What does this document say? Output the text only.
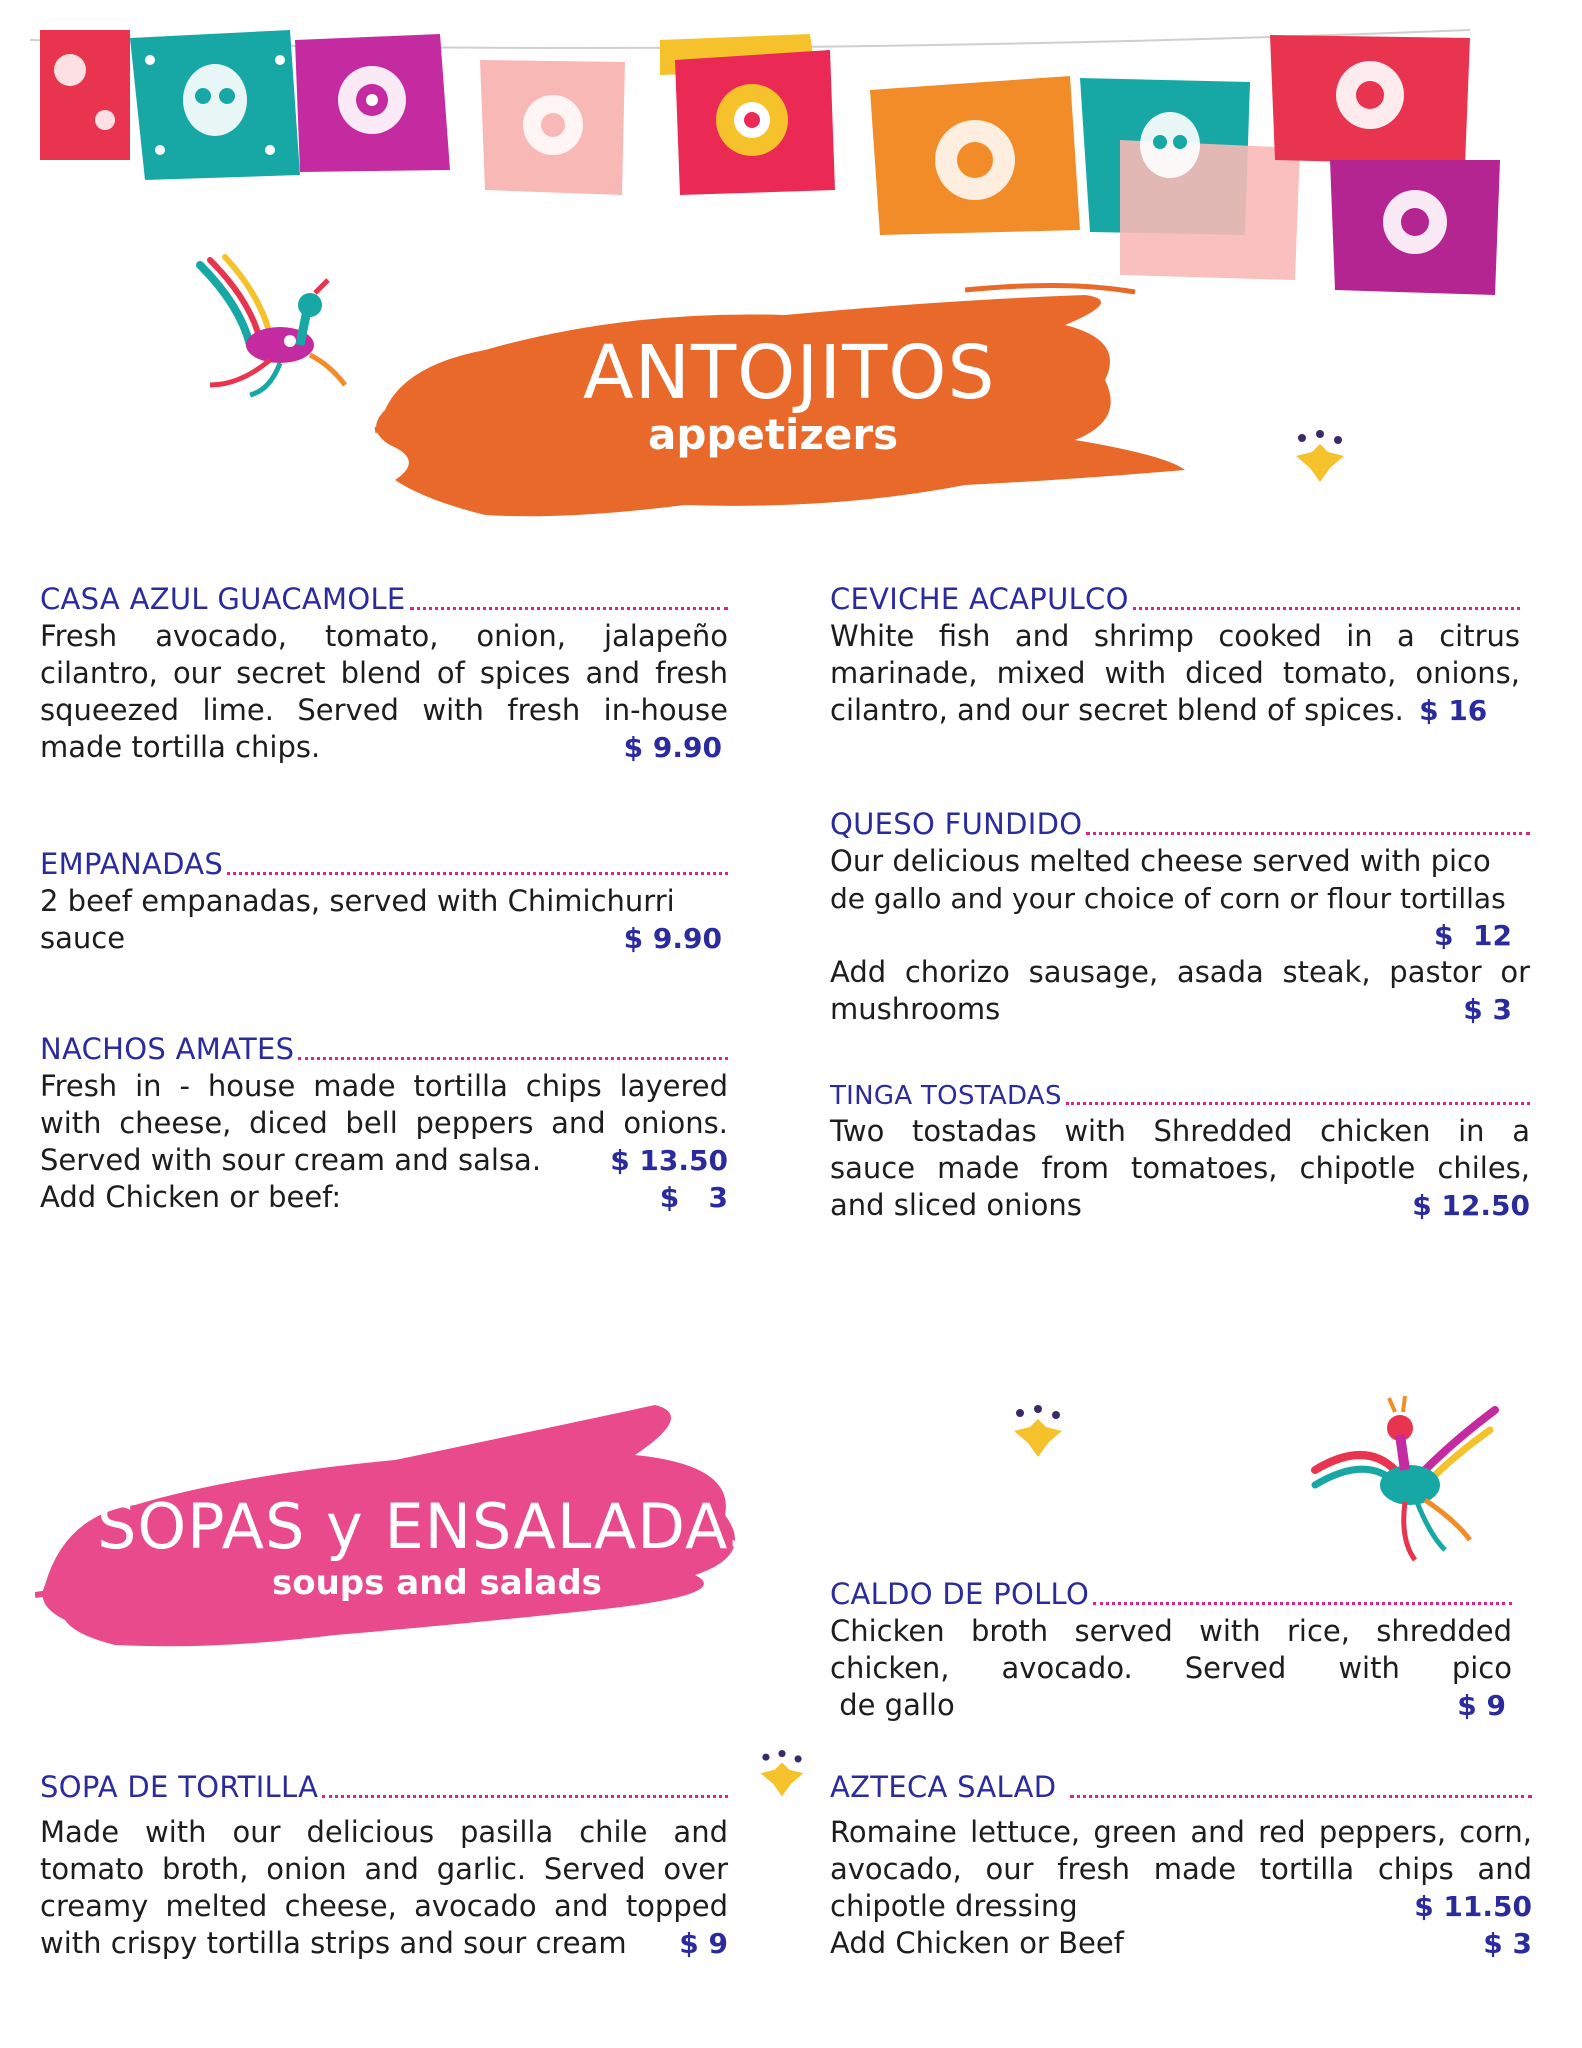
ANTOJITOS
appetizers
SOPAS y ENSALADAS
soups and salads
CASA AZUL GUACAMOLE
Fresh avocado, tomato, onion, jalapeño
cilantro, our secret blend of spices and fresh
squeezed lime. Served with fresh in-house
made tortilla chips.	$ 9.90
EMPANADAS
2 beef empanadas, served with Chimichurri
sauce	$ 9.90
NACHOS AMATES
Fresh in - house made tortilla chips layered
with cheese, diced bell peppers and onions.
Served with sour cream and salsa. $ 13.50
Add Chicken or beef:	$   3
SOPA DE TORTILLA
Made with our delicious pasilla chile and
tomato broth, onion and garlic. Served over
creamy melted cheese, avocado and topped
with crispy tortilla strips and sour cream $ 9
CEVICHE ACAPULCO
White fish and shrimp cooked in a citrus
marinade, mixed with diced tomato, onions,
cilantro, and our secret blend of spices. $ 16
QUESO FUNDIDO
Our delicious melted cheese served with pico
de gallo and your choice of corn or flour tortillas
$  12
Add chorizo sausage, asada steak, pastor or
mushrooms	$ 3
TINGA TOSTADAS
Two tostadas with Shredded chicken in a
sauce made from tomatoes, chipotle chiles,
and sliced onions	$ 12.50
CALDO DE POLLO
Chicken broth served with rice, shredded
chicken, avocado. Served with pico
de gallo	$ 9
AZTECA SALAD
Romaine lettuce, green and red peppers, corn,
avocado, our fresh made tortilla chips and
chipotle dressing	$ 11.50
Add Chicken or Beef	$ 3
